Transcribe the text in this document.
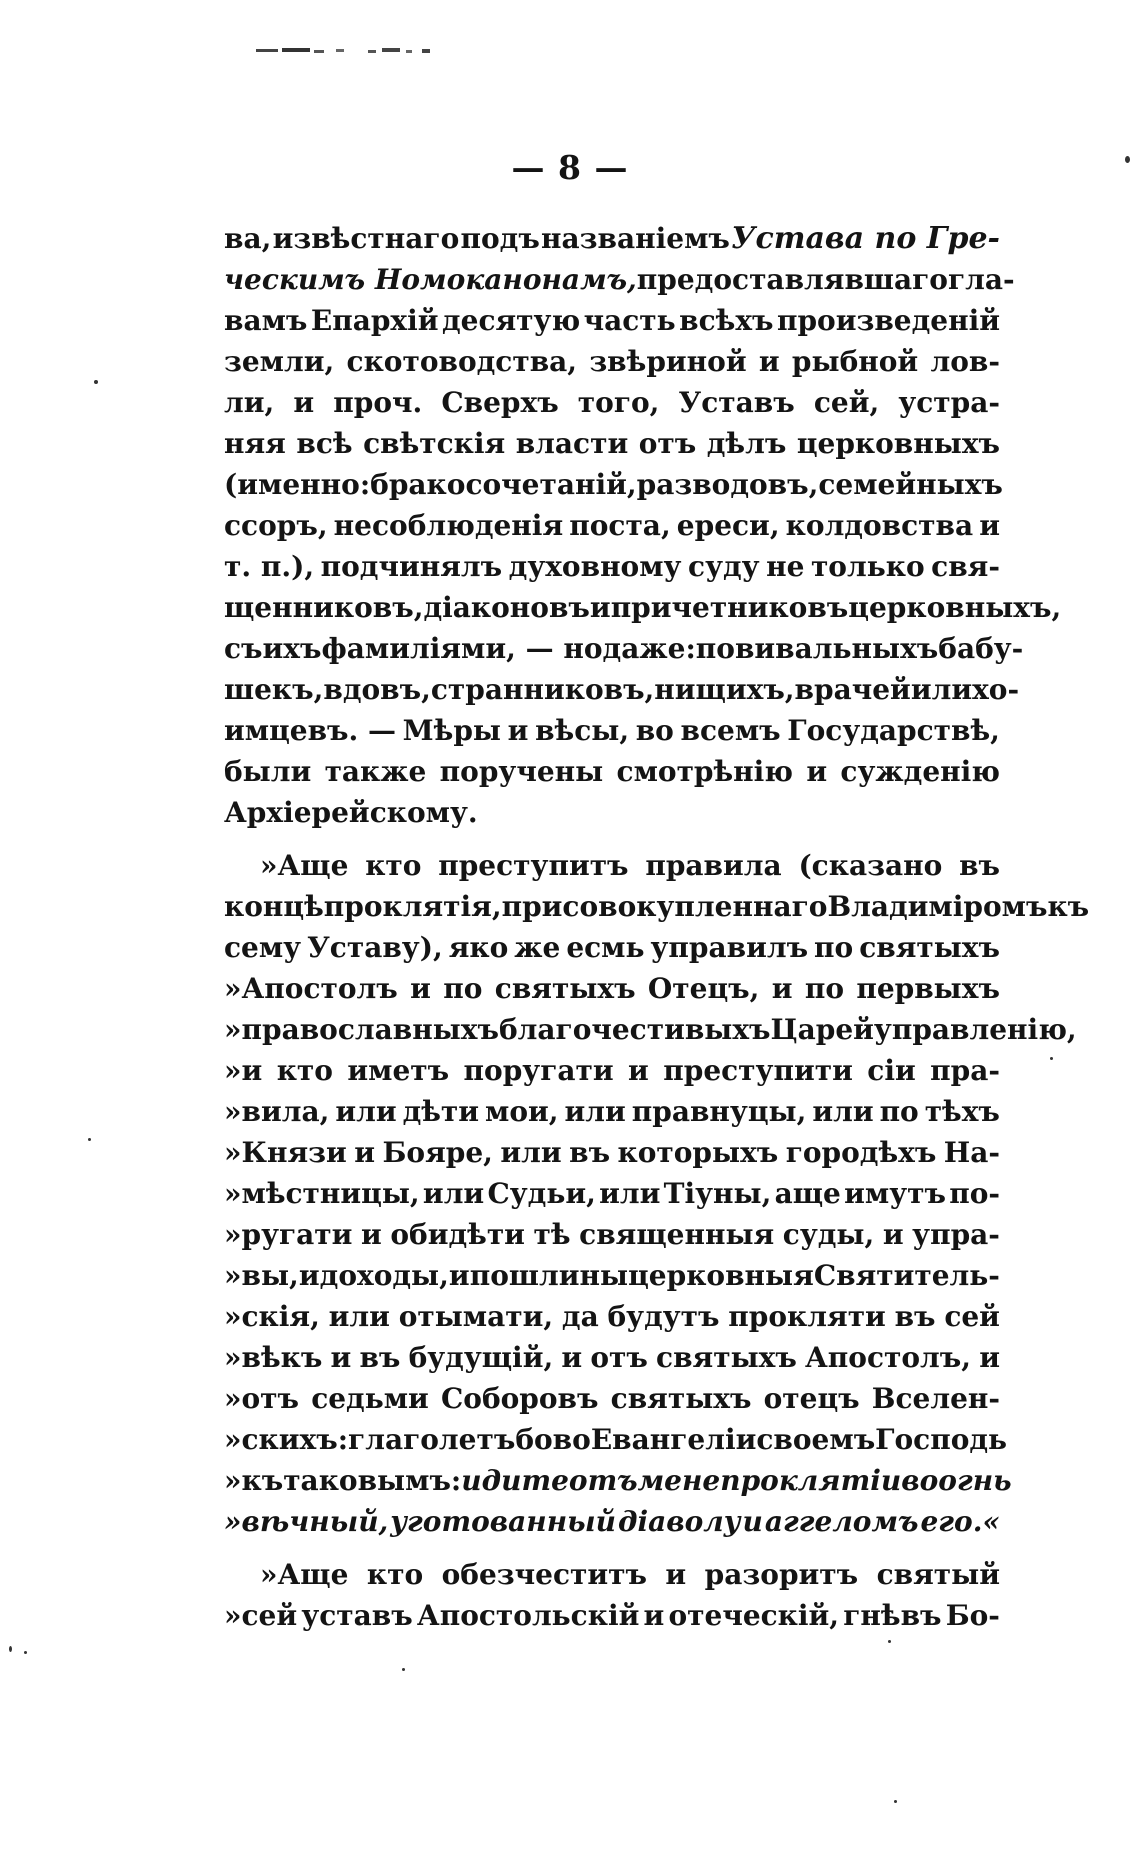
— 8 —
ва, извѣстнаго подъ названіемъ Устава по Гре-
ческимъ Номоканонамъ, предоставлявшаго гла-
вамъ Епархій десятую часть всѣхъ произведеній
земли, скотоводства, звѣриной и рыбной лов-
ли, и проч. Сверхъ того, Уставъ сей, устра-
няя всѣ свѣтскія власти отъ дѣлъ церковныхъ
(именно: бракосочетаній, разводовъ, семейныхъ
ссоръ, несоблюденія поста, ереси, колдовства и
т. п.), подчинялъ духовному суду не только свя-
щенниковъ, діаконовъ и причетниковъ церковныхъ,
съ ихъ фамиліями, — но даже: повивальныхъ бабу-
шекъ, вдовъ, странниковъ, нищихъ, врачей и лихо-
имцевъ. — Мѣры и вѣсы, во всемъ Государствѣ,
были также поручены смотрѣнію и сужденію
Архіерейскому.
»Аще кто преступитъ правила (сказано въ
концѣ проклятія, присовокупленнаго Владиміромъ къ
сему Уставу), яко же есмь управилъ по святыхъ
»Апостолъ и по святыхъ Отецъ, и по первыхъ
»православныхъ благочестивыхъ Царей управленію,
»и кто иметъ поругати и преступити сіи пра-
»вила, или дѣти мои, или правнуцы, или по тѣхъ
»Князи и Бояре, или въ которыхъ городѣхъ На-
»мѣстницы, или Судьи, или Тіуны, аще имутъ по-
»ругати и обидѣти тѣ священныя суды, и упра-
»вы, и доходы, и пошлины церковныя Святитель-
»скія, или отымати, да будутъ прокляти въ сей
»вѣкъ и въ будущій, и отъ святыхъ Апостолъ, и
»отъ седьми Соборовъ святыхъ отецъ Вселен-
»скихъ: глаголетъ бо во Евангеліи своемъ Господь
»къ таковымъ: идите отъ мене проклятіи во огнь
»вѣчный, уготованный діаволу и аггеломъ его.«
»Аще кто обезчеститъ и разоритъ святый
»сей уставъ Апостольскій и отеческій, гнѣвъ Бо-
